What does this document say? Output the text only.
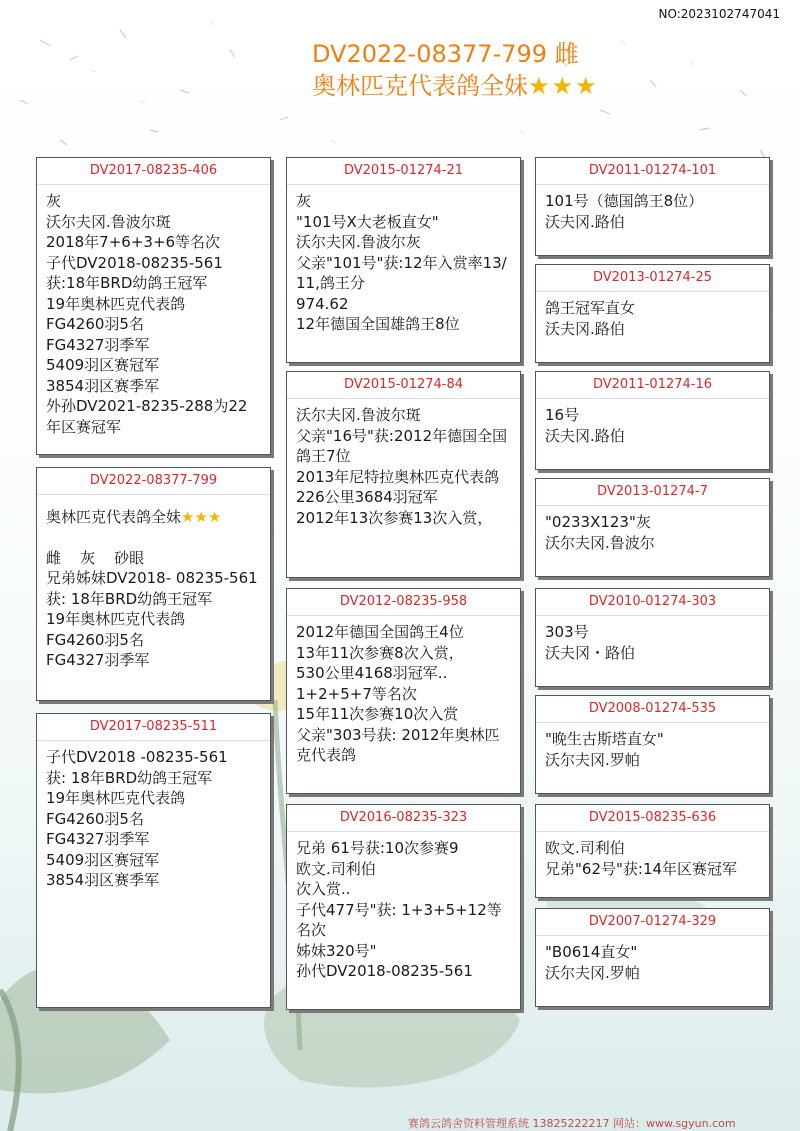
NO:2023102747041
DV2022-08377-799 雌
奥林匹克代表鸽全妹★★★
DV2017-08235-406
灰
沃尔夫冈.鲁波尔斑
2018年7+6+3+6等名次
子代DV2018-08235-561
获:18年BRD幼鸽王冠军
19年奥林匹克代表鸽
FG4260羽5名
FG4327羽季军
5409羽区赛冠军
3854羽区赛季军
外孙DV2021-8235-288为22年区赛冠军
DV2022-08377-799
奥林匹克代表鸽全妹★★★
雌    灰    砂眼
兄弟姊妹DV2018- 08235-561获: 18年BRD幼鸽王冠军
19年奥林匹克代表鸽
FG4260羽5名
FG4327羽季军
DV2017-08235-511
子代DV2018 -08235-561
获: 18年BRD幼鸽王冠军
19年奥林匹克代表鸽
FG4260羽5名
FG4327羽季军
5409羽区赛冠军
3854羽区赛季军
DV2015-01274-21
灰
"101号X大老板直女"
沃尔夫冈.鲁波尔灰
父亲"101号"获:12年入赏率13/11,鸽王分
974.62
12年德国全国雄鸽王8位
DV2015-01274-84
沃尔夫冈.鲁波尔斑
父亲"16号"获:2012年德国全国鸽王7位
2013年尼特拉奥林匹克代表鸽
226公里3684羽冠军
2012年13次参赛13次入赏，
DV2012-08235-958
2012年德国全国鸽王4位
13年11次参赛8次入赏，
530公里4168羽冠军..
1+2+5+7等名次
15年11次参赛10次入赏
父亲"303号获: 2012年奥林匹克代表鸽
DV2016-08235-323
兄弟 61号获:10次参赛9
欧文.司利伯
次入赏..
子代477号"获: 1+3+5+12等名次
姊妹320号"
孙代DV2018-08235-561
DV2011-01274-101
101号（德国鸽王8位）
沃夫冈.路伯
DV2013-01274-25
鸽王冠军直女
沃夫冈.路伯
DV2011-01274-16
16号
沃夫冈.路伯
DV2013-01274-7
"0233X123"灰
沃尔夫冈.鲁波尔
DV2010-01274-303
303号
沃夫冈・路伯
DV2008-01274-535
"晚生古斯塔直女"
沃尔夫冈.罗帕
DV2015-08235-636
欧文.司利伯
兄弟"62号"获:14年区赛冠军
DV2007-01274-329
"B0614直女"
沃尔夫冈.罗帕
赛鸽云鸽舍资料管理系统 13825222217 网站：www.sgyun.com
